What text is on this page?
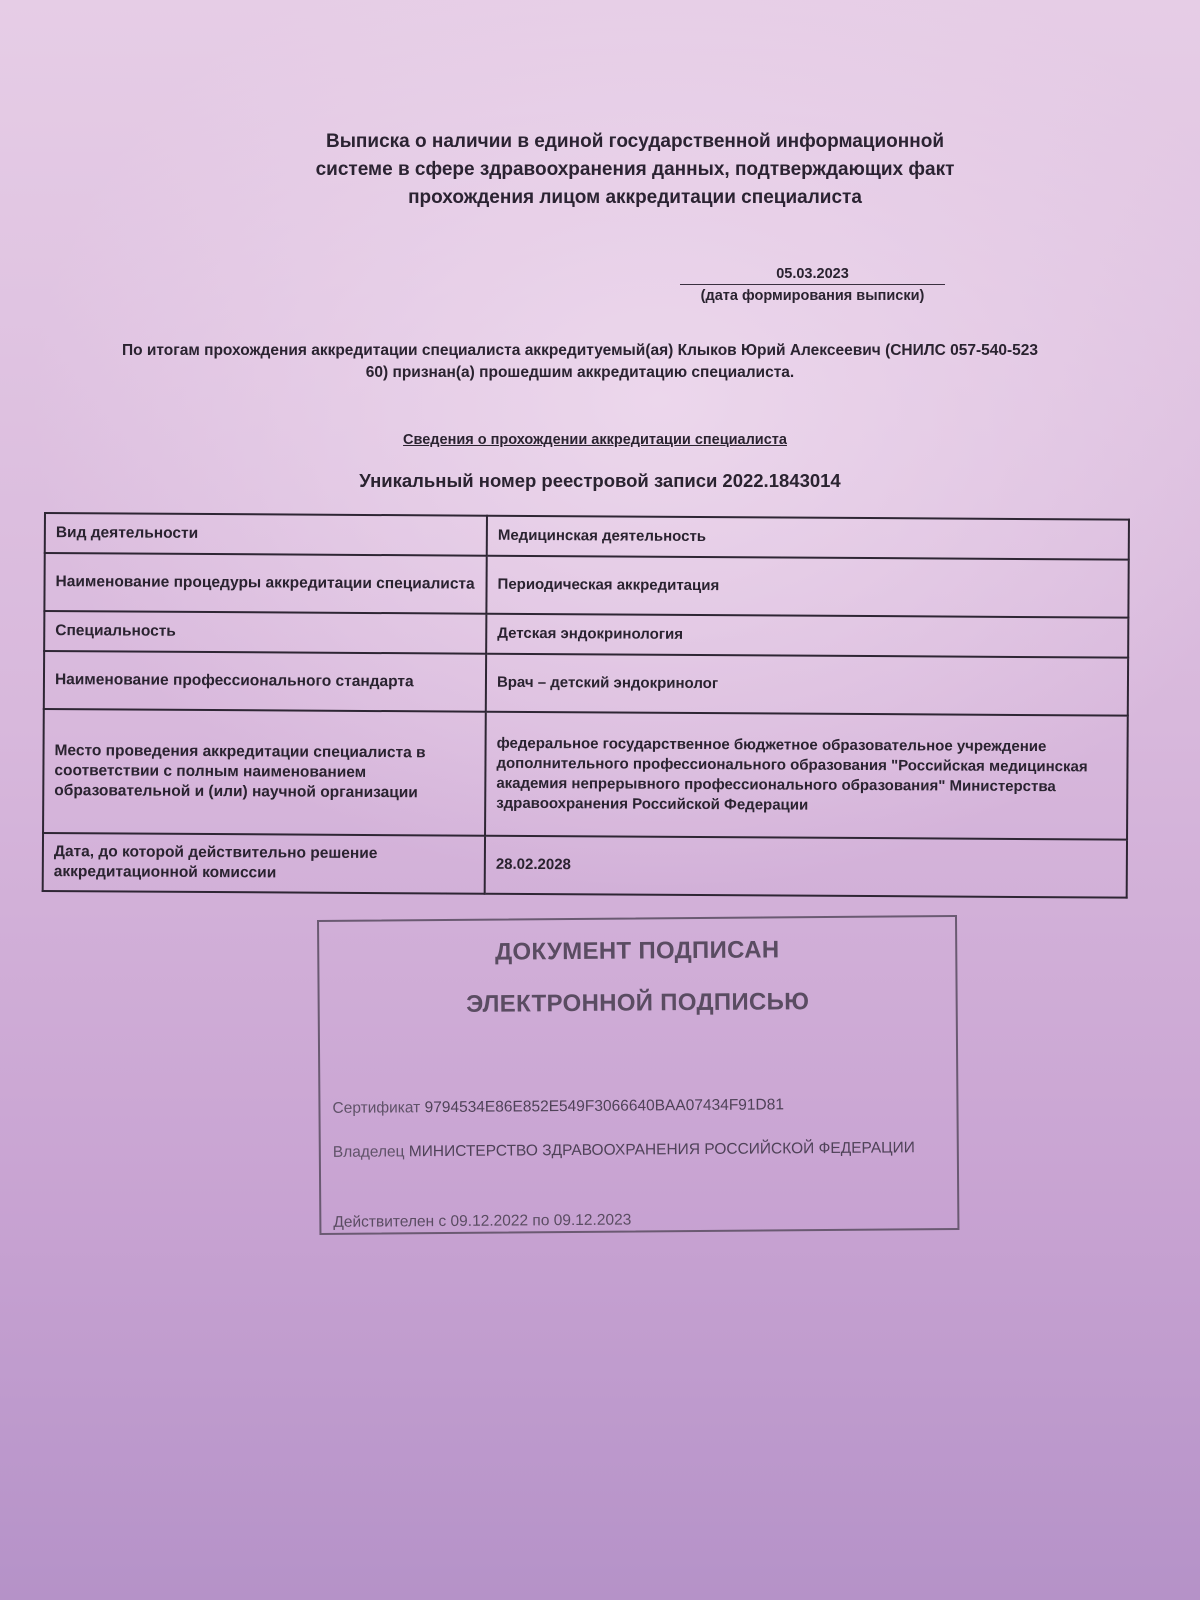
Выписка о наличии в единой государственной информационной
системе в сфере здравоохранения данных, подтверждающих факт
прохождения лицом аккредитации специалиста
05.03.2023
(дата формирования выписки)

По итогам прохождения аккредитации специалиста аккредитуемый(ая) Клыков Юрий Алексеевич (СНИЛС 057-540-523
60) признан(а) прошедшим аккредитацию специалиста.

Сведения о прохождении аккредитации специалиста

Уникальный номер реестровой записи 2022.1843014

Вид деятельности	Медицинская деятельность
Наименование процедуры аккредитации специалиста	Периодическая аккредитация
Специальность	Детская эндокринология
Наименование профессионального стандарта	Врач – детский эндокринолог
Место проведения аккредитации специалиста в соответствии с полным наименованием образовательной и (или) научной организации	федеральное государственное бюджетное образовательное учреждение дополнительного профессионального образования "Российская медицинская академия непрерывного профессионального образования" Министерства здравоохранения Российской Федерации
Дата, до которой действительно решение аккредитационной комиссии	28.02.2028
ДОКУМЕНТ ПОДПИСАН
ЭЛЕКТРОННОЙ ПОДПИСЬЮ
Сертификат 9794534E86E852E549F3066640BAA07434F91D81
Владелец МИНИСТЕРСТВО ЗДРАВООХРАНЕНИЯ РОССИЙСКОЙ ФЕДЕРАЦИИ
Действителен с 09.12.2022 по 09.12.2023
